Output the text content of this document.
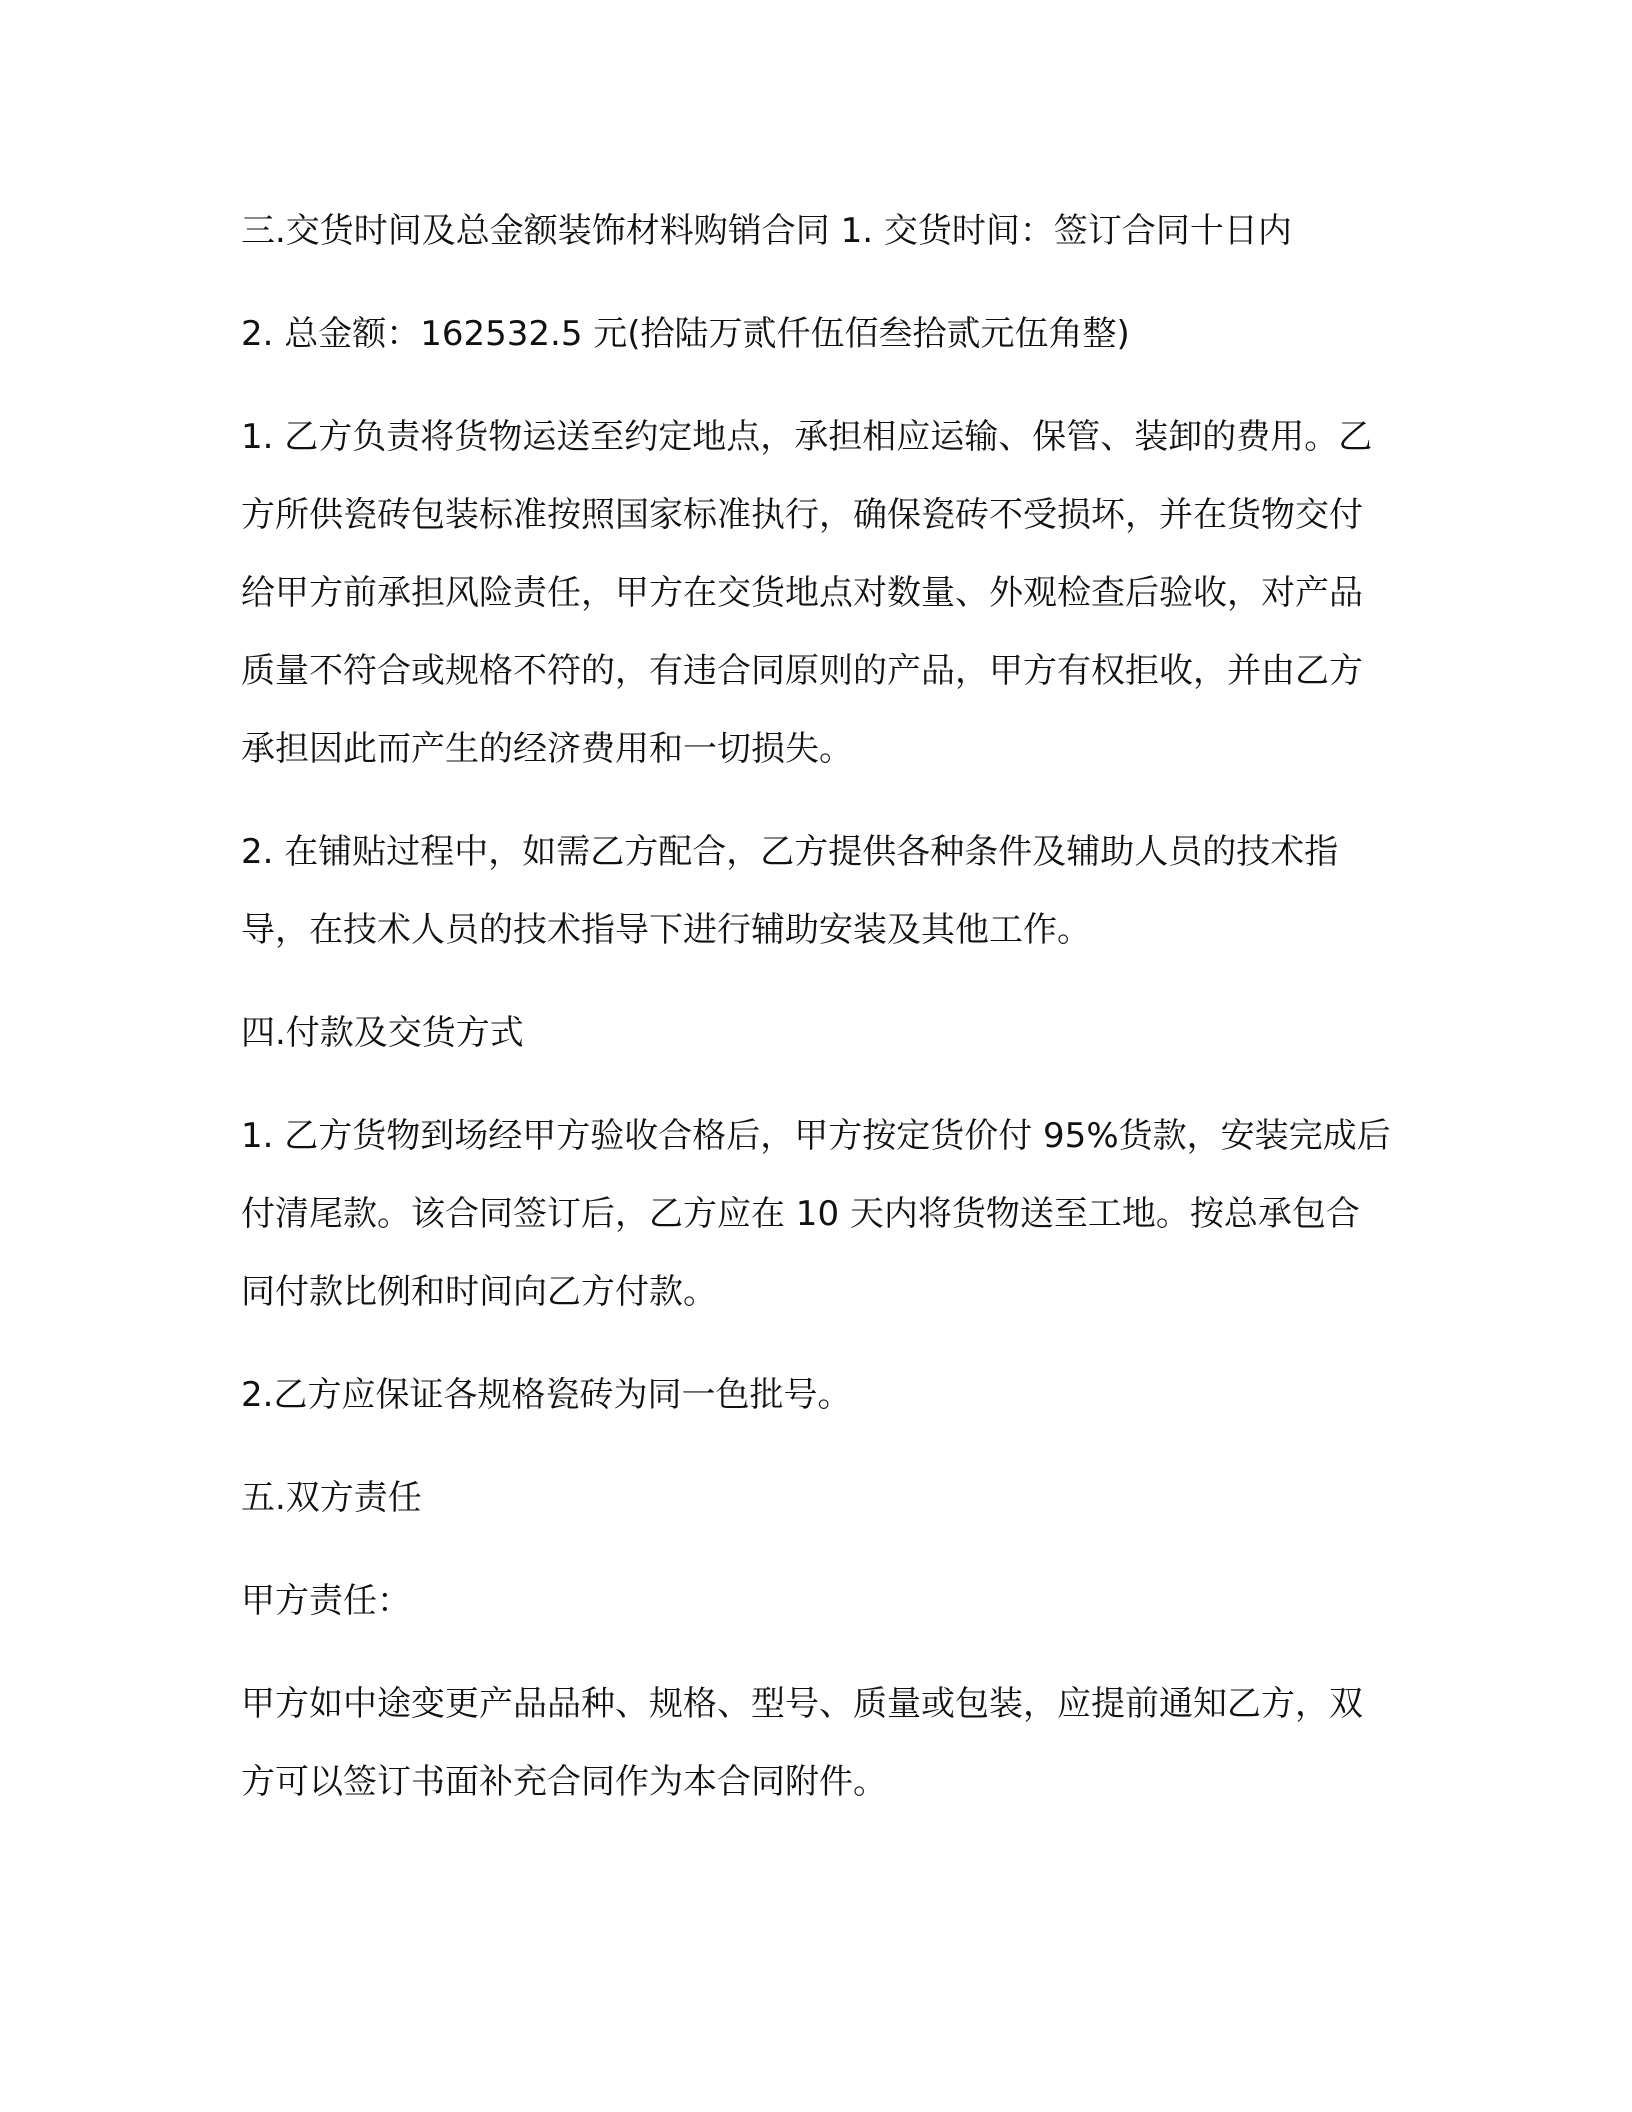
三.交货时间及总金额装饰材料购销合同 1. 交货时间：签订合同十日内

2. 总金额：162532.5 元(拾陆万贰仟伍佰叁拾贰元伍角整)

1. 乙方负责将货物运送至约定地点，承担相应运输、保管、装卸的费用。乙方所供瓷砖包装标准按照国家标准执行，确保瓷砖不受损坏，并在货物交付给甲方前承担风险责任，甲方在交货地点对数量、外观检查后验收，对产品质量不符合或规格不符的，有违合同原则的产品，甲方有权拒收，并由乙方承担因此而产生的经济费用和一切损失。

2. 在铺贴过程中，如需乙方配合，乙方提供各种条件及辅助人员的技术指导，在技术人员的技术指导下进行辅助安装及其他工作。

四.付款及交货方式

1. 乙方货物到场经甲方验收合格后，甲方按定货价付 95%货款，安装完成后付清尾款。该合同签订后，乙方应在 10 天内将货物送至工地。按总承包合同付款比例和时间向乙方付款。

2.乙方应保证各规格瓷砖为同一色批号。

五.双方责任

甲方责任：

甲方如中途变更产品品种、规格、型号、质量或包装，应提前通知乙方，双方可以签订书面补充合同作为本合同附件。
